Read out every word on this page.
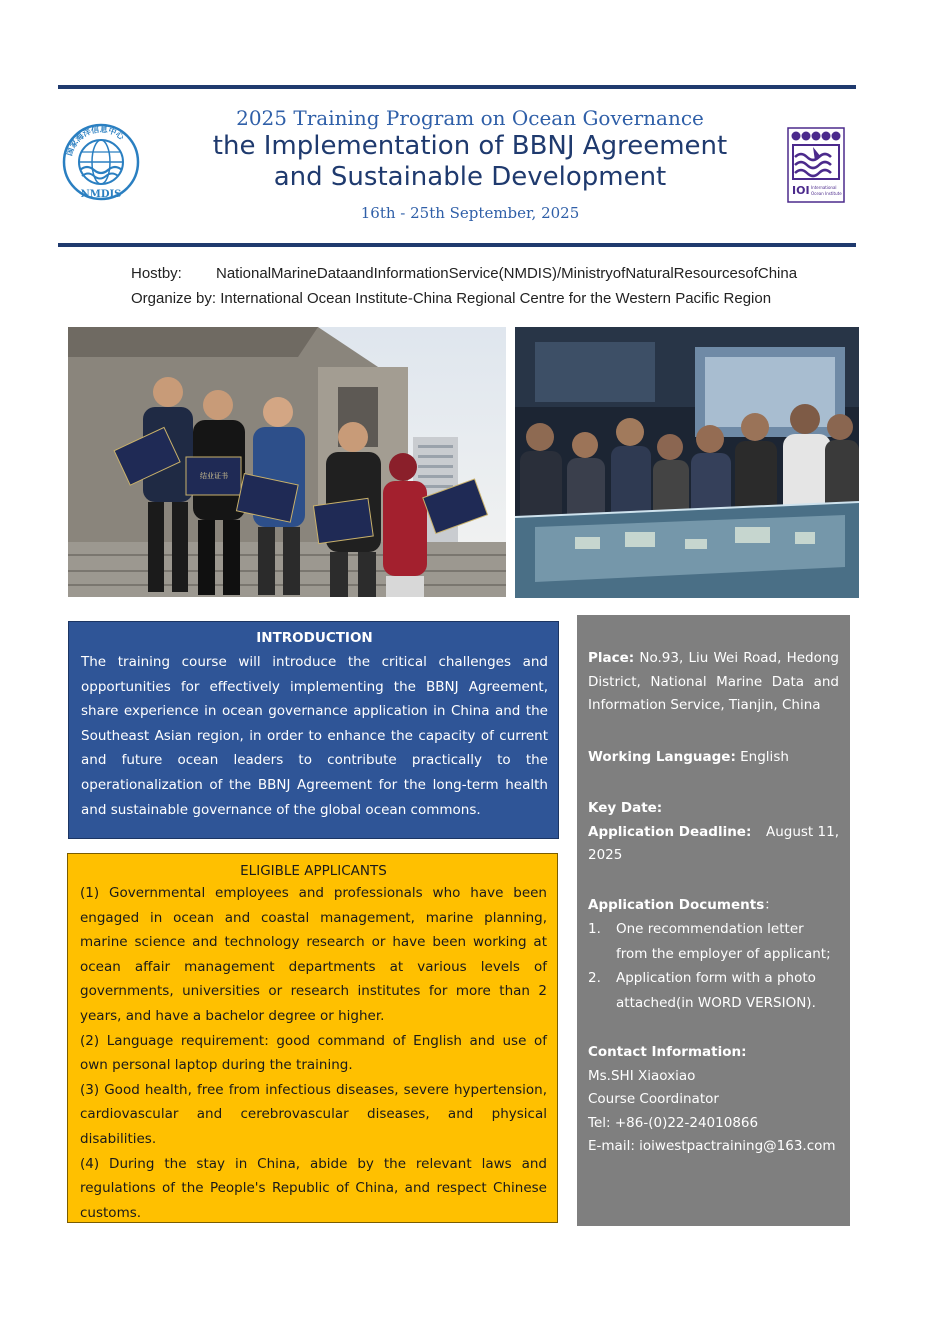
国家海洋信息中心
NMDIS	IOI International
Ocean Institute
2025 Training Program on Ocean Governance
the Implementation of BBNJ Agreement
and Sustainable Development
16th - 25th September, 2025
Hostby: NationalMarineDataandInformationService(NMDIS)/MinistryofNaturalResourcesofChina
Organize by: International Ocean Institute-China Regional Centre for the Western Pacific Region
结业证书
INTRODUCTION

The training course will introduce the critical challenges and opportunities for effectively implementing the BBNJ Agreement, share experience in ocean governance application in China and the Southeast Asian region, in order to enhance the capacity of current and future ocean leaders to contribute practically to the operationalization of the BBNJ Agreement for the long-term health and sustainable governance of the global ocean commons.

ELIGIBLE APPLICANTS

(1) Governmental employees and professionals who have been engaged in ocean and coastal management, marine planning, marine science and technology research or have been working at ocean affair management departments at various levels of governments, universities or research institutes for more than 2 years, and have a bachelor degree or higher.

(2) Language requirement: good command of English and use of own personal laptop during the training.

(3) Good health, free from infectious diseases, severe hypertension, cardiovascular and cerebrovascular diseases, and physical disabilities.

(4) During the stay in China, abide by the relevant laws and regulations of the People's Republic of China, and respect Chinese customs.

Place: No.93, Liu Wei Road, Hedong District, National Marine Data and Information Service, Tianjin, China

Working Language: English

Key Date:

Application Deadline: August 11,

2025

Application Documents：

1. One recommendation letter
from the employer of applicant;
2. Application form with a photo
attached(in WORD VERSION).

Contact Information:

Ms.SHI Xiaoxiao

Course Coordinator

Tel: +86-(0)22-24010866

E-mail: ioiwestpactraining@163.com
